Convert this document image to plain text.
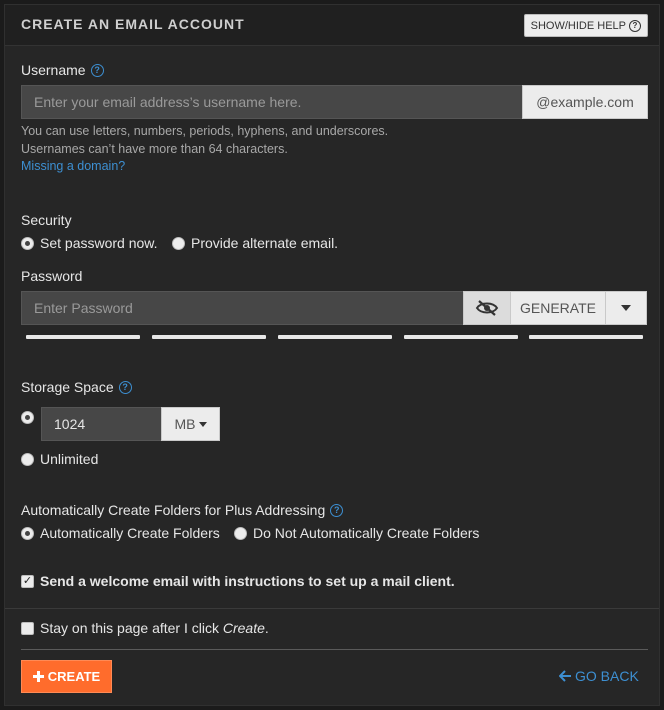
CREATE AN EMAIL ACCOUNT	SHOW/HIDE HELP ?
Username ?
Enter your email address’s username here.	@example.com
You can use letters, numbers, periods, hyphens, and underscores.
Usernames can’t have more than 64 characters.
Missing a domain?
Security
Set password now. Provide alternate email.
Password
Enter Password	GENERATE
Storage Space ?
1024	MB
Unlimited
Automatically Create Folders for Plus Addressing ?
Automatically Create Folders Do Not Automatically Create Folders
✓ Send a welcome email with instructions to set up a mail client.
Stay on this page after I click Create.
CREATE	GO BACK
